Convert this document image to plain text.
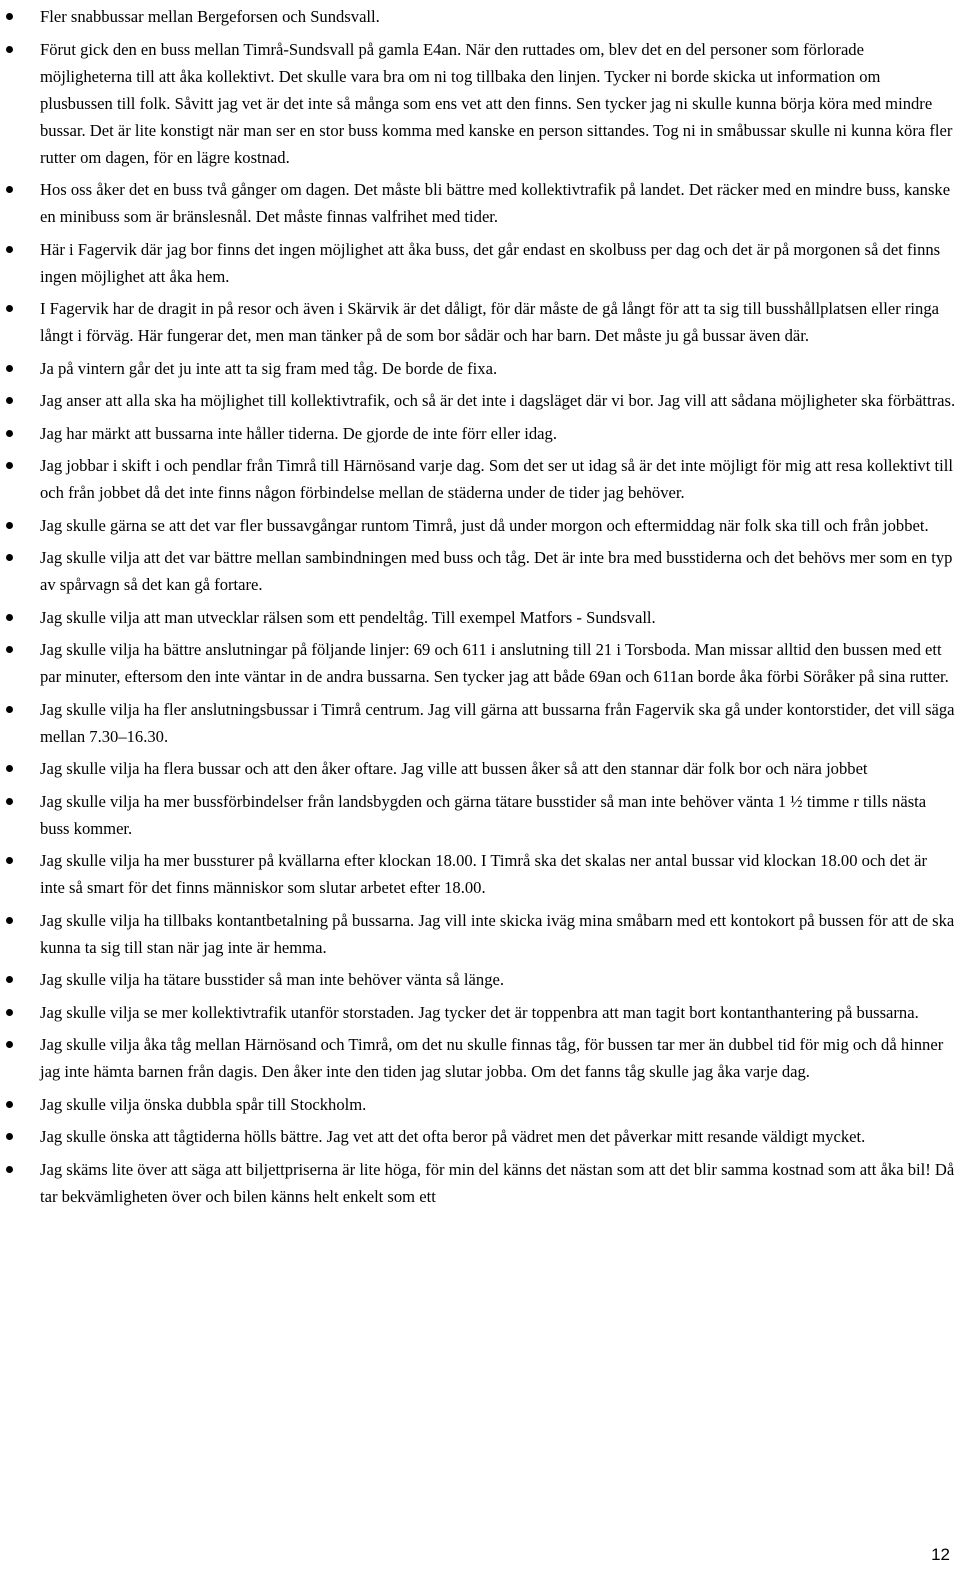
Fler snabbussar mellan Bergeforsen och Sundsvall.
Förut gick den en buss mellan Timrå-Sundsvall på gamla E4an. När den ruttades om, blev det en del personer som förlorade möjligheterna till att åka kollektivt. Det skulle vara bra om ni tog tillbaka den linjen. Tycker ni borde skicka ut information om plusbussen till folk. Såvitt jag vet är det inte så många som ens vet att den finns. Sen tycker jag ni skulle kunna börja köra med mindre bussar. Det är lite konstigt när man ser en stor buss komma med kanske en person sittandes. Tog ni in småbussar skulle ni kunna köra fler rutter om dagen, för en lägre kostnad.
Hos oss åker det en buss två gånger om dagen. Det måste bli bättre med kollektivtrafik på landet. Det räcker med en mindre buss, kanske en minibuss som är bränslesnål. Det måste finnas valfrihet med tider.
Här i Fagervik där jag bor finns det ingen möjlighet att åka buss, det går endast en skolbuss per dag och det är på morgonen så det finns ingen möjlighet att åka hem.
I Fagervik har de dragit in på resor och även i Skärvik är det dåligt, för där måste de gå långt för att ta sig till busshållplatsen eller ringa långt i förväg. Här fungerar det, men man tänker på de som bor sådär och har barn. Det måste ju gå bussar även där.
Ja på vintern går det ju inte att ta sig fram med tåg. De borde de fixa.
Jag anser att alla ska ha möjlighet till kollektivtrafik, och så är det inte i dagsläget där vi bor. Jag vill att sådana möjligheter ska förbättras.
Jag har märkt att bussarna inte håller tiderna. De gjorde de inte förr eller idag.
Jag jobbar i skift i och pendlar från Timrå till Härnösand varje dag. Som det ser ut idag så är det inte möjligt för mig att resa kollektivt till och från jobbet då det inte finns någon förbindelse mellan de städerna under de tider jag behöver.
Jag skulle gärna se att det var fler bussavgångar runtom Timrå, just då under morgon och eftermiddag när folk ska till och från jobbet.
Jag skulle vilja att det var bättre mellan sambindningen med buss och tåg. Det är inte bra med busstiderna och det behövs mer som en typ av spårvagn så det kan gå fortare.
Jag skulle vilja att man utvecklar rälsen som ett pendeltåg. Till exempel Matfors - Sundsvall.
Jag skulle vilja ha bättre anslutningar på följande linjer: 69 och 611 i anslutning till 21 i Torsboda. Man missar alltid den bussen med ett par minuter, eftersom den inte väntar in de andra bussarna. Sen tycker jag att både 69an och 611an borde åka förbi Söråker på sina rutter.
Jag skulle vilja ha fler anslutningsbussar i Timrå centrum. Jag vill gärna att bussarna från Fagervik ska gå under kontorstider, det vill säga mellan 7.30–16.30.
Jag skulle vilja ha flera bussar och att den åker oftare. Jag ville att bussen åker så att den stannar där folk bor och nära jobbet
Jag skulle vilja ha mer bussförbindelser från landsbygden och gärna tätare busstider så man inte behöver vänta 1 ½ timme r tills nästa buss kommer.
Jag skulle vilja ha mer bussturer på kvällarna efter klockan 18.00. I Timrå ska det skalas ner antal bussar vid klockan 18.00 och det är inte så smart för det finns människor som slutar arbetet efter 18.00.
Jag skulle vilja ha tillbaks kontantbetalning på bussarna. Jag vill inte skicka iväg mina småbarn med ett kontokort på bussen för att de ska kunna ta sig till stan när jag inte är hemma.
Jag skulle vilja ha tätare busstider så man inte behöver vänta så länge.
Jag skulle vilja se mer kollektivtrafik utanför storstaden. Jag tycker det är toppenbra att man tagit bort kontanthantering på bussarna.
Jag skulle vilja åka tåg mellan Härnösand och Timrå, om det nu skulle finnas tåg, för bussen tar mer än dubbel tid för mig och då hinner jag inte hämta barnen från dagis. Den åker inte den tiden jag slutar jobba. Om det fanns tåg skulle jag åka varje dag.
Jag skulle vilja önska dubbla spår till Stockholm.
Jag skulle önska att tågtiderna hölls bättre. Jag vet att det ofta beror på vädret men det påverkar mitt resande väldigt mycket.
Jag skäms lite över att säga att biljettpriserna är lite höga, för min del känns det nästan som att det blir samma kostnad som att åka bil! Då tar bekvämligheten över och bilen känns helt enkelt som ett
12
